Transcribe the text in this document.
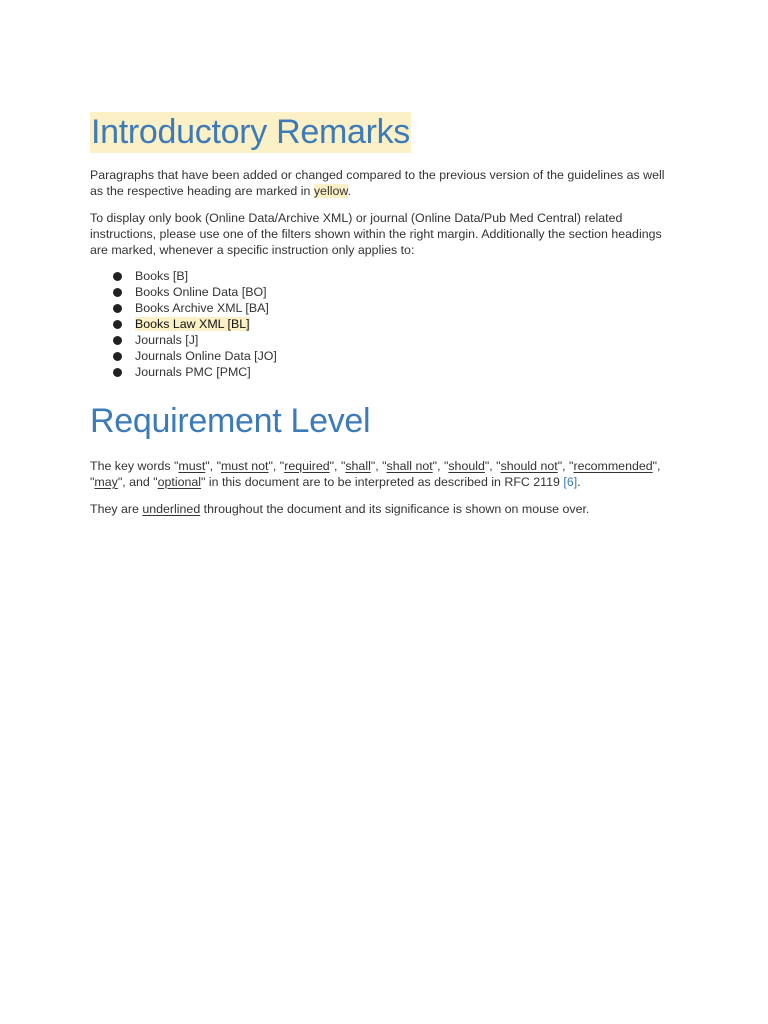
Introductory Remarks

Paragraphs that have been added or changed compared to the previous version of the guidelines as well as the respective heading are marked in yellow.

To display only book (Online Data/Archive XML) or journal (Online Data/Pub Med Central) related instructions, please use one of the filters shown within the right margin. Additionally the section headings are marked, whenever a specific instruction only applies to:

Books [B]
Books Online Data [BO]
Books Archive XML [BA]
Books Law XML [BL]
Journals [J]
Journals Online Data [JO]
Journals PMC [PMC]
Requirement Level

The key words "must", "must not", "required", "shall", "shall not", "should", "should not", "recommended", "may", and "optional" in this document are to be interpreted as described in RFC 2119 [6].

They are underlined throughout the document and its significance is shown on mouse over.
